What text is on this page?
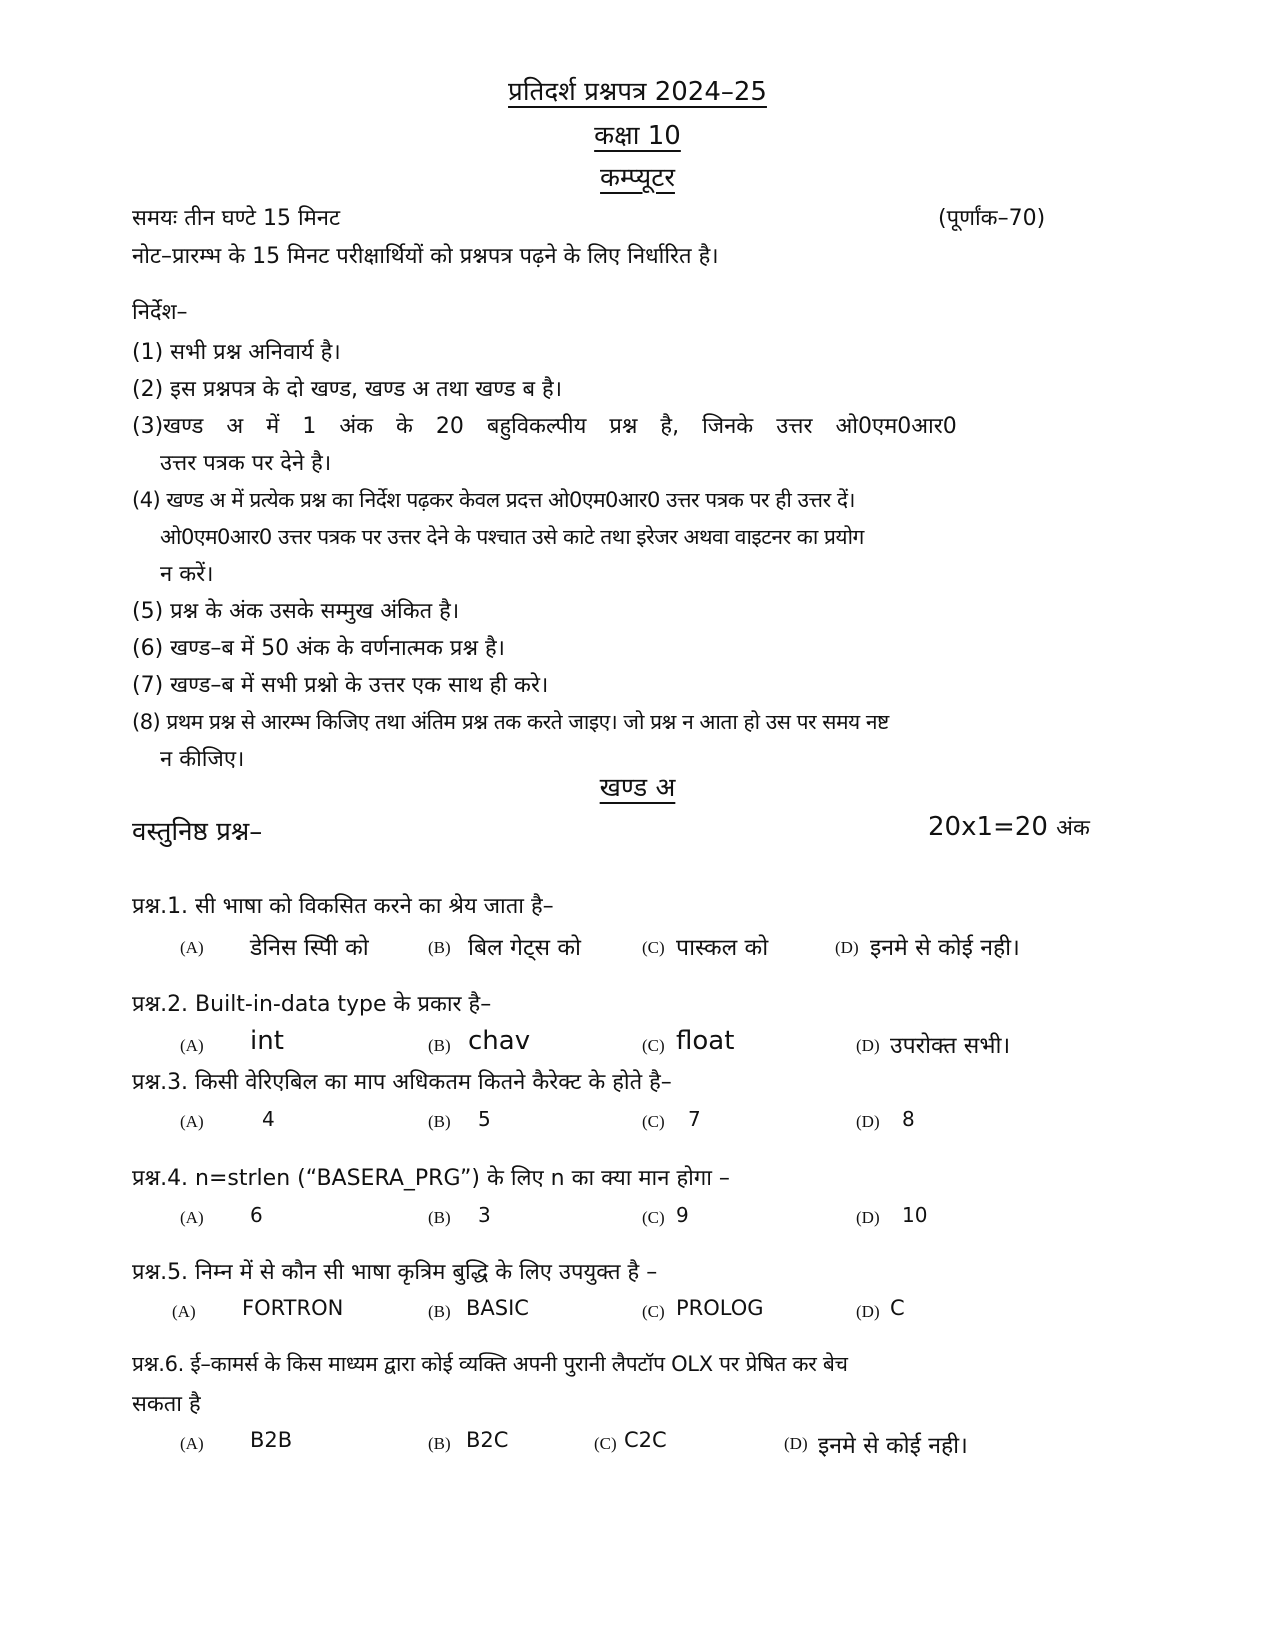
प्रतिदर्श प्रश्नपत्र 2024–25
कक्षा 10
कम्प्यूटर
समयः तीन घण्टे 15 मिनट	(पूर्णांक–70)
नोट–प्रारम्भ के 15 मिनट परीक्षार्थियों को प्रश्नपत्र पढ़ने के लिए निर्धारित है।
निर्देश–
(1) सभी प्रश्न अनिवार्य है।
(2) इस प्रश्नपत्र के दो खण्ड, खण्ड अ तथा खण्ड ब है।
(3)खण्ड अ में 1 अंक के 20 बहुविकल्पीय प्रश्न है, जिनके उत्तर ओ0एम0आर0
उत्तर पत्रक पर देने है।
(4) खण्ड अ में प्रत्येक प्रश्न का निर्देश पढ़कर केवल प्रदत्त ओ0एम0आर0 उत्तर पत्रक पर ही उत्तर दें।
ओ0एम0आर0 उत्तर पत्रक पर उत्तर देने के पश्चात उसे काटे तथा इरेजर अथवा वाइटनर का प्रयोग
न करें।
(5) प्रश्न के अंक उसके सम्मुख अंकित है।
(6) खण्ड–ब में 50 अंक के वर्णनात्मक प्रश्न है।
(7) खण्ड–ब में सभी प्रश्नो के उत्तर एक साथ ही करे।
(8) प्रथम प्रश्न से आरम्भ किजिए तथा अंतिम प्रश्न तक करते जाइए। जो प्रश्न न आता हो उस पर समय नष्ट
न कीजिए।
खण्ड अ
वस्तुनिष्ठ प्रश्न–	20x1=20 अंक
प्रश्न.1. सी भाषा को विकसित करने का श्रेय जाता है–
(A) डेनिस स्पिी को	(B) बिल गेट्स को	(C) पास्कल को	(D) इनमे से कोई नही।
प्रश्न.2. Built-in-data type के प्रकार है–
(A) int	(B) chav	(C) float	(D) उपरोक्त सभी।
प्रश्न.3. किसी वेरिएबिल का माप अधिकतम कितने कैरेक्ट के होते है–
(A)	4	(B) 5	(C) 7	(D) 8
प्रश्न.4. n=strlen (“BASERA_PRG”) के लिए n का क्या मान होगा –
(A) 6	(B) 3	(C) 9	(D) 10
प्रश्न.5. निम्न में से कौन सी भाषा कृत्रिम बुद्धि के लिए उपयुक्त है –
(A) FORTRON	(B) BASIC	(C) PROLOG	(D) C
प्रश्न.6. ई–कामर्स के किस माध्यम द्वारा कोई व्यक्ति अपनी पुरानी लैपटॉप OLX पर प्रेषित कर बेच
सकता है
(A) B2B	(B) B2C	(C) C2C	(D) इनमे से कोई नही।
